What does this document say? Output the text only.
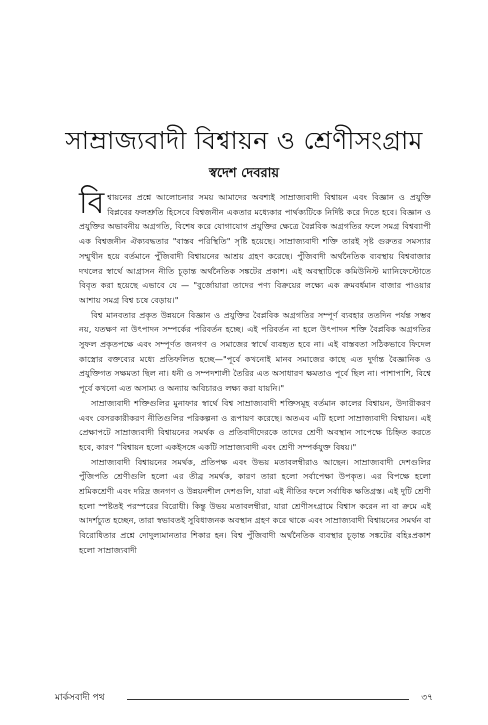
সাম্রাজ্যবাদী বিশ্বায়ন ও শ্রেণীসংগ্রাম
স্বদেশ দেবরায়

বিশ্বায়নের প্রশ্নে আলোচনার সময় আমাদের অবশ্যই সাম্রাজ্যবাদী বিশ্বায়ন এবং বিজ্ঞান ও প্রযুক্তি বিপ্লবের ফলশ্রুতি হিসেবে বিশ্বজনীন একতার মধ্যেকার পার্থক্যটিকে নির্দিষ্ট করে দিতে হবে। বিজ্ঞান ও প্রযুক্তির অভাবনীয় অগ্রগতি, বিশেষ করে যোগাযোগ প্রযুক্তির ক্ষেত্রে বৈপ্লবিক অগ্রগতির ফলে সমগ্র বিশ্বব্যাপী এক বিশ্বজনীন ঐক্যবদ্ধতার "বাস্তব পরিস্থিতি" সৃষ্টি হয়েছে। সাম্রাজ্যবাদী শক্তি তারই সৃষ্ট গুরুতর সমস্যার সম্মুখীন হয়ে বর্তমানে পুঁজিবাদী বিশ্বায়নের আশ্রয় গ্রহণ করেছে। পুঁজিবাদী অর্থনৈতিক ব্যবস্থায় বিশ্ববাজার দখলের স্বার্থে আগ্রাসন নীতি চূড়ান্ত অর্থনৈতিক সঙ্কটের প্রকাশ। এই অবস্থাটিকে কমিউনিস্ট ম্যানিফেস্টোতে বিবৃত করা হয়েছে এভাবে যে — "বুর্জোয়ারা তাদের পণ্য বিক্রয়ের লক্ষ্যে এক ক্রমবর্ধমান বাজার পাওয়ার আশায় সমগ্র বিশ্ব চষে বেড়ায়।"

বিশ্ব মানবতার প্রকৃত উন্নয়নে বিজ্ঞান ও প্রযুক্তির বৈপ্লবিক অগ্রগতির সম্পূর্ণ ব্যবহার ততদিন পর্যন্ত সম্ভব নয়, যতক্ষণ না উৎপাদন সম্পর্কের পরিবর্তন হচ্ছে। এই পরিবর্তন না হলে উৎপাদন শক্তি বৈপ্লবিক অগ্রগতির সুফল প্রকৃতপক্ষে এবং সম্পূর্ণত জনগণ ও সমাজের স্বার্থে ব্যবহৃত হবে না। এই বাস্তবতা সঠিকভাবে ফিদেল কাস্ত্রোর বক্তব্যের মধ্যে প্রতিফলিত হচ্ছে—"পূর্বে কখনোই মানব সমাজের কাছে এত দুর্দান্ত বৈজ্ঞানিক ও প্রযুক্তিগত সক্ষমতা ছিল না। ধনী ও সম্পদশালী তৈরির এত অসাধারণ ক্ষমতাও পূর্বে ছিল না। পাশাপাশি, বিশ্বে পূর্বে কখনো এত অসাম্য ও অন্যায় অবিচারও লক্ষ্য করা যায়নি।"

সাম্রাজ্যবাদী শক্তিগুলির মুনাফার স্বার্থে বিশ্ব সাম্রাজ্যবাদী শক্তিসমূহ বর্তমান কালের বিশ্বায়ন, উদারীকরণ এবং বেসরকারীকরণ নীতিগুলির পরিকল্পনা ও রূপায়ণ করেছে। অতএব এটি হলো সাম্রাজ্যবাদী বিশ্বায়ন। এই প্রেক্ষাপটে সাম্রাজ্যবাদী বিশ্বায়নের সমর্থক ও প্রতিবাদীদেরকে তাদের শ্রেণী অবস্থান সাপেক্ষে চিহ্নিত করতে হবে, কারণ "বিশ্বায়ন হলো একইসঙ্গে একটি সাম্রাজ্যবাদী এবং শ্রেণী সম্পর্কযুক্ত বিষয়।"

সাম্রাজ্যবাদী বিশ্বায়নের সমর্থক, প্রতিপক্ষ এবং উভয় মতাবলম্বীরাও আছেন। সাম্রাজ্যবাদী দেশগুলির পুঁজিপতি শ্রেণীগুলি হলো এর তীব্র সমর্থক, কারণ তারা হলো সর্বাপেক্ষা উপকৃত। এর বিপক্ষে হলো শ্রমিকশ্রেণী এবং দরিদ্র জনগণ ও উন্নয়নশীল দেশগুলি, যারা এই নীতির ফলে সর্বাধিক ক্ষতিগ্রস্ত। এই দুটি শ্রেণী হলো স্পষ্টতই পরস্পরের বিরোধী। কিন্তু উভয় মতাবলম্বীরা, যারা শ্রেণীসংগ্রামে বিশ্বাস করেন না বা ক্রমে এই আদর্শচ্যুত হচ্ছেন, তারা স্বভাবতই সুবিধাজনক অবস্থান গ্রহণ করে থাকে এবং সাম্রাজ্যবাদী বিশ্বায়নের সমর্থন বা বিরোধিতার প্রশ্নে দোদুল্যমানতার শিকার হন। বিশ্ব পুঁজিবাদী অর্থনৈতিক ব্যবস্থার চূড়ান্ত সঙ্কটের বহিঃপ্রকাশ হলো সাম্রাজ্যবাদী

মার্কসবাদী পথ	৩৭
